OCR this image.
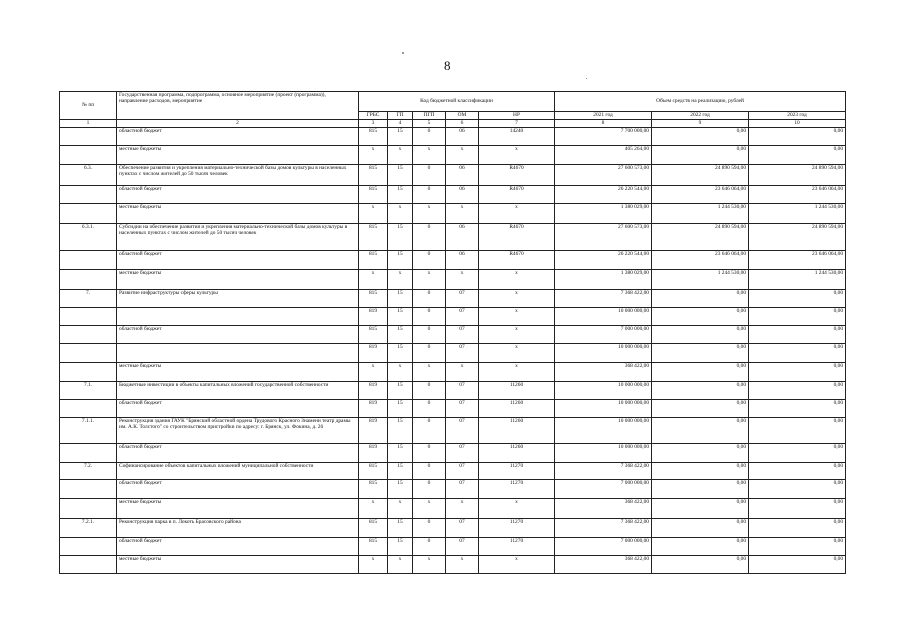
8
№ пп	Государственная программа, подпрограмма, основное мероприятие (проект (программа)), направление расходов, мероприятие	Код бюджетной классификации					Объем средств на реализацию, рублей		
		ГРБС	ГП	ПГП	ОМ	НР	2021 год	2022 год	2023 год
1	2	3	4	5	6	7	8	9	10
	областной бюджет	815	15	0	06	14240	7 700 000,00	0,00	0,00
	местные бюджеты	x	x	x	x	x	405 264,00	0,00	0,00
6.3.	Обеспечение развития и укрепления материально-технической базы домов культуры в населенных пунктах с числом жителей до 50 тысяч человек	815	15	0	06	R4670	27 600 573,00	24 890 594,00	24 890 594,00
	областной бюджет	815	15	0	06	R4670	26 220 544,00	23 646 064,00	23 646 064,00
	местные бюджеты	x	x	x	x	x	1 380 029,00	1 244 530,00	1 244 530,00
6.3.1.	Субсидии на обеспечение развития и укрепления материально-технической базы домов культуры в населенных пунктах с числом жителей до 50 тысяч человек	815	15	0	06	R4670	27 600 573,00	24 890 594,00	24 890 594,00
	областной бюджет	815	15	0	06	R4670	26 220 544,00	23 646 064,00	23 646 064,00
	местные бюджеты	x	x	x	x	x	1 380 029,00	1 244 530,00	1 244 530,00
7.	Развитие инфраструктуры сферы культуры	815	15	0	07	x	7 368 422,00	0,00	0,00
		819	15	0	07	x	10 000 000,00	0,00	0,00
	областной бюджет	815	15	0	07	x	7 000 000,00	0,00	0,00
		819	15	0	07	x	10 000 000,00	0,00	0,00
	местные бюджеты	x	x	x	x	x	368 422,00	0,00	0,00
7.1.	Бюджетные инвестиции в объекты капитальных вложений государственной собственности	819	15	0	07	11260	10 000 000,00	0,00	0,00
	областной бюджет	819	15	0	07	11260	10 000 000,00	0,00	0,00
7.1.1.	Реконструкция здания ГАУК "Брянский областной ордена Трудового Красного Знамени театр драмы им. А.К. Толстого" со строительством пристройки по адресу: г. Брянск, ул. Фокина, д. 26	819	15	0	07	11260	10 000 000,00	0,00	0,00
	областной бюджет	819	15	0	07	11260	10 000 000,00	0,00	0,00
7.2.	Софинансирование объектов капитальных вложений муниципальной собственности	815	15	0	07	11270	7 368 422,00	0,00	0,00
	областной бюджет	815	15	0	07	11270	7 000 000,00	0,00	0,00
	местные бюджеты	x	x	x	x	x	368 422,00	0,00	0,00
7.2.1.	Реконструкция парка в п. Локоть Брасовского района	815	15	0	07	11270	7 368 422,00	0,00	0,00
	областной бюджет	815	15	0	07	11270	7 000 000,00	0,00	0,00
	местные бюджеты	x	x	x	x	x	368 422,00	0,00	0,00
